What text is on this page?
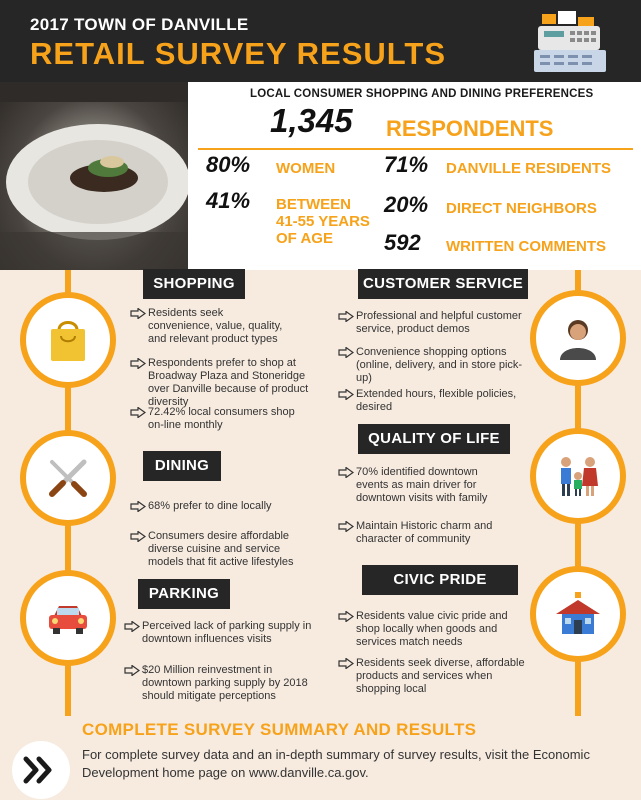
2017 TOWN OF DANVILLE
RETAIL SURVEY RESULTS
LOCAL CONSUMER SHOPPING AND DINING PREFERENCES
1,345 RESPONDENTS
80% WOMEN 71% DANVILLE RESIDENTS
41% BETWEEN 41-55 YEARS OF AGE
20% DIRECT NEIGHBORS
592 WRITTEN COMMENTS
SHOPPING	CUSTOMER SERVICE
DINING
QUALITY OF LIFE
PARKING
CIVIC PRIDE
Residents seek convenience, value, quality, and relevant product types
Respondents prefer to shop at Broadway Plaza and Stoneridge over Danville because of product diversity
72.42% local consumers shop on-line monthly
Professional and helpful customer service, product demos
Convenience shopping options (online, delivery, and in store pick-up)
Extended hours, flexible policies, desired
68% prefer to dine locally
Consumers desire affordable diverse cuisine and service models that fit active lifestyles
70% identified downtown events as main driver for downtown visits with family
Maintain Historic charm and character of community
Perceived lack of parking supply in downtown influences visits
$20 Million reinvestment in downtown parking supply by 2018 should mitigate perceptions
Residents value civic pride and shop locally when goods and services match needs
Residents seek diverse, affordable products and services when shopping local
COMPLETE SURVEY SUMMARY AND RESULTS
For complete survey data and an in-depth summary of survey results, visit the Economic Development home page on www.danville.ca.gov.
